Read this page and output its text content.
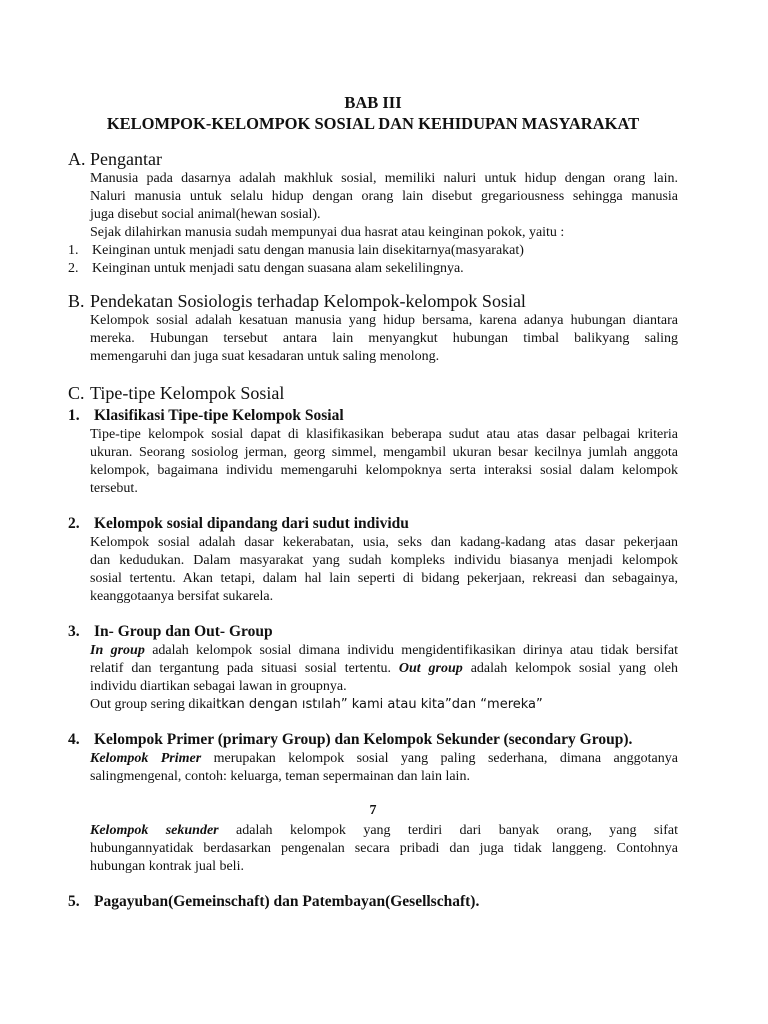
BAB III
KELOMPOK-KELOMPOK SOSIAL DAN KEHIDUPAN MASYARAKAT
A. Pengantar
Manusia pada dasarnya adalah makhluk sosial, memiliki naluri untuk hidup dengan orang lain.
Naluri manusia untuk selalu hidup dengan orang lain disebut gregariousness sehingga manusia
juga disebut social animal(hewan sosial).
Sejak dilahirkan manusia sudah mempunyai dua hasrat atau keinginan pokok, yaitu :
1. Keinginan untuk menjadi satu dengan manusia lain disekitarnya(masyarakat)
2. Keinginan untuk menjadi satu dengan suasana alam sekelilingnya.
B. Pendekatan Sosiologis terhadap Kelompok-kelompok Sosial
Kelompok sosial adalah kesatuan manusia yang hidup bersama, karena adanya hubungan diantara
mereka. Hubungan tersebut antara lain menyangkut hubungan timbal balikyang saling
memengaruhi dan juga suat kesadaran untuk saling menolong.
C. Tipe-tipe Kelompok Sosial
1. Klasifikasi Tipe-tipe Kelompok Sosial
Tipe-tipe kelompok sosial dapat di klasifikasikan beberapa sudut atau atas dasar pelbagai kriteria
ukuran. Seorang sosiolog jerman, georg simmel, mengambil ukuran besar kecilnya jumlah anggota
kelompok, bagaimana individu memengaruhi kelompoknya serta interaksi sosial dalam kelompok
tersebut.
2. Kelompok sosial dipandang dari sudut individu
Kelompok sosial adalah dasar kekerabatan, usia, seks dan kadang-kadang atas dasar pekerjaan
dan kedudukan. Dalam masyarakat yang sudah kompleks individu biasanya menjadi kelompok
sosial tertentu. Akan tetapi, dalam hal lain seperti di bidang pekerjaan, rekreasi dan sebagainya,
keanggotaanya bersifat sukarela.
3. In- Group dan Out- Group
In group adalah kelompok sosial dimana individu mengidentifikasikan dirinya atau tidak bersifat
relatif dan tergantung pada situasi sosial tertentu. Out group adalah kelompok sosial yang oleh
individu diartikan sebagai lawan in groupnya.
Out group sering dikaitkan dengan ıstılah” kami atau kita”dan “mereka”
4. Kelompok Primer (primary Group) dan Kelompok Sekunder (secondary Group).
Kelompok Primer merupakan kelompok sosial yang paling sederhana, dimana anggotanya
salingmengenal, contoh: keluarga, teman sepermainan dan lain lain.
7
Kelompok sekunder adalah kelompok yang terdiri dari banyak orang, yang sifat
hubungannyatidak berdasarkan pengenalan secara pribadi dan juga tidak langgeng. Contohnya
hubungan kontrak jual beli.
5. Pagayuban(Gemeinschaft) dan Patembayan(Gesellschaft).
